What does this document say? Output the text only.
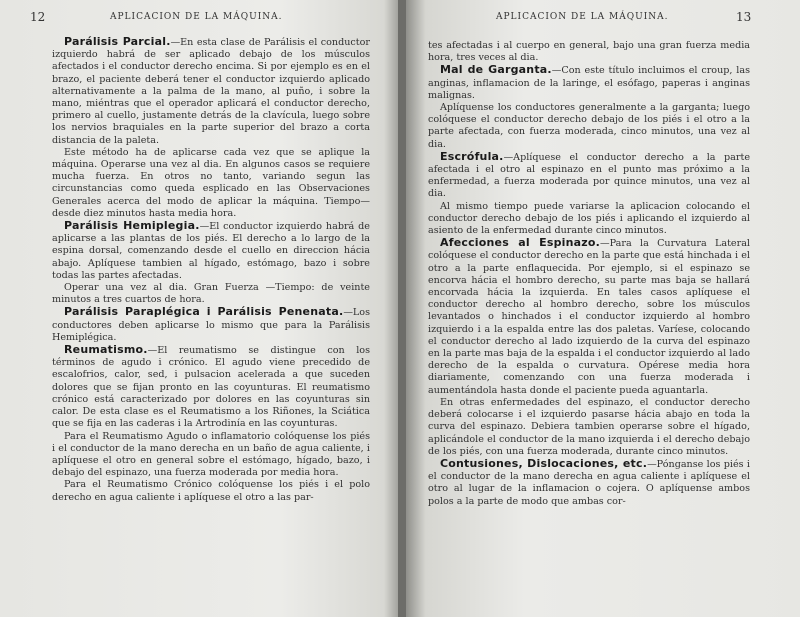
12	APLICACION DE LA MÁQUINA.

Parálisis Parcial.—En esta clase de Parálisis el conductor izquierdo habrá de ser aplicado debajo de los músculos afectados i el conductor derecho encima. Si por ejemplo es en el brazo, el paciente deberá tener el conductor izquierdo aplicado alternativamente a la palma de la mano, al puño, i sobre la mano, miéntras que el operador aplicará el conductor derecho, primero al cuello, justamente detrás de la clavícula, luego sobre los nervios braquiales en la parte superior del brazo a corta distancia de la paleta.

Este método ha de aplicarse cada vez que se aplique la máquina. Operarse una vez al dia. En algunos casos se requiere mucha fuerza. En otros no tanto, variando segun las circunstancias como queda esplicado en las Observaciones Generales acerca del modo de aplicar la máquina. Tiempo—desde diez minutos hasta media hora.

Parálisis Hemiplegia.—El conductor izquierdo habrá de aplicarse a las plantas de los piés. El derecho a lo largo de la espina dorsal, comenzando desde el cuello en direccion hácia abajo. Aplíquese tambien al hígado, estómago, bazo i sobre todas las partes afectadas.

Operar una vez al dia. Gran Fuerza —Tiempo: de veinte minutos a tres cuartos de hora.

Parálisis Paraplégica i Parálisis Penenata.—Los conductores deben aplicarse lo mismo que para la Parálisis Hemiplégica.

Reumatismo.—El reumatismo se distingue con los términos de agudo i crónico. El agudo viene precedido de escalofrios, calor, sed, i pulsacion acelerada a que suceden dolores que se fijan pronto en las coyunturas. El reumatismo crónico está caracterizado por dolores en las coyunturas sin calor. De esta clase es el Reumatismo a los Riñones, la Sciática que se fija en las caderas i la Artrodinía en las coyunturas.

Para el Reumatismo Agudo o inflamatorio colóquense los piés i el conductor de la mano derecha en un baño de agua caliente, i aplíquese el otro en general sobre el estómago, hígado, bazo, i debajo del espinazo, una fuerza moderada por media hora.

Para el Reumatismo Crónico colóquense los piés i el polo derecho en agua caliente i aplíquese el otro a las par-

APLICACION DE LA MÁQUINA.	13

tes afectadas i al cuerpo en general, bajo una gran fuerza media hora, tres veces al dia.

Mal de Garganta.—Con este título incluimos el croup, las anginas, inflamacion de la laringe, el esófago, paperas i anginas malignas.

Aplíquense los conductores generalmente a la garganta; luego colóquese el conductor derecho debajo de los piés i el otro a la parte afectada, con fuerza moderada, cinco minutos, una vez al dia.

Escrófula.—Aplíquese el conductor derecho a la parte afectada i el otro al espinazo en el punto mas próximo a la enfermedad, a fuerza moderada por quince minutos, una vez al dia.

Al mismo tiempo puede variarse la aplicacion colocando el conductor derecho debajo de los piés i aplicando el izquierdo al asiento de la enfermedad durante cinco minutos.

Afecciones al Espinazo.—Para la Curvatura Lateral colóquese el conductor derecho en la parte que está hinchada i el otro a la parte enflaquecida. Por ejemplo, si el espinazo se encorva hácia el hombro derecho, su parte mas baja se hallará encorvada hácia la izquierda. En tales casos aplíquese el conductor derecho al hombro derecho, sobre los músculos levantados o hinchados i el conductor izquierdo al hombro izquierdo i a la espalda entre las dos paletas. Varíese, colocando el conductor derecho al lado izquierdo de la curva del espinazo en la parte mas baja de la espalda i el conductor izquierdo al lado derecho de la espalda o curvatura. Opérese media hora diariamente, comenzando con una fuerza moderada i aumentándola hasta donde el paciente pueda aguantarla.

En otras enfermedades del espinazo, el conductor derecho deberá colocarse i el izquierdo pasarse hácia abajo en toda la curva del espinazo. Debiera tambien operarse sobre el hígado, aplicándole el conductor de la mano izquierda i el derecho debajo de los piés, con una fuerza moderada, durante cinco minutos.

Contusiones, Dislocaciones, etc.—Pónganse los piés i el conductor de la mano derecha en agua caliente i aplíquese el otro al lugar de la inflamacion o cojera. O aplíquense ambos polos a la parte de modo que ambas cor-
